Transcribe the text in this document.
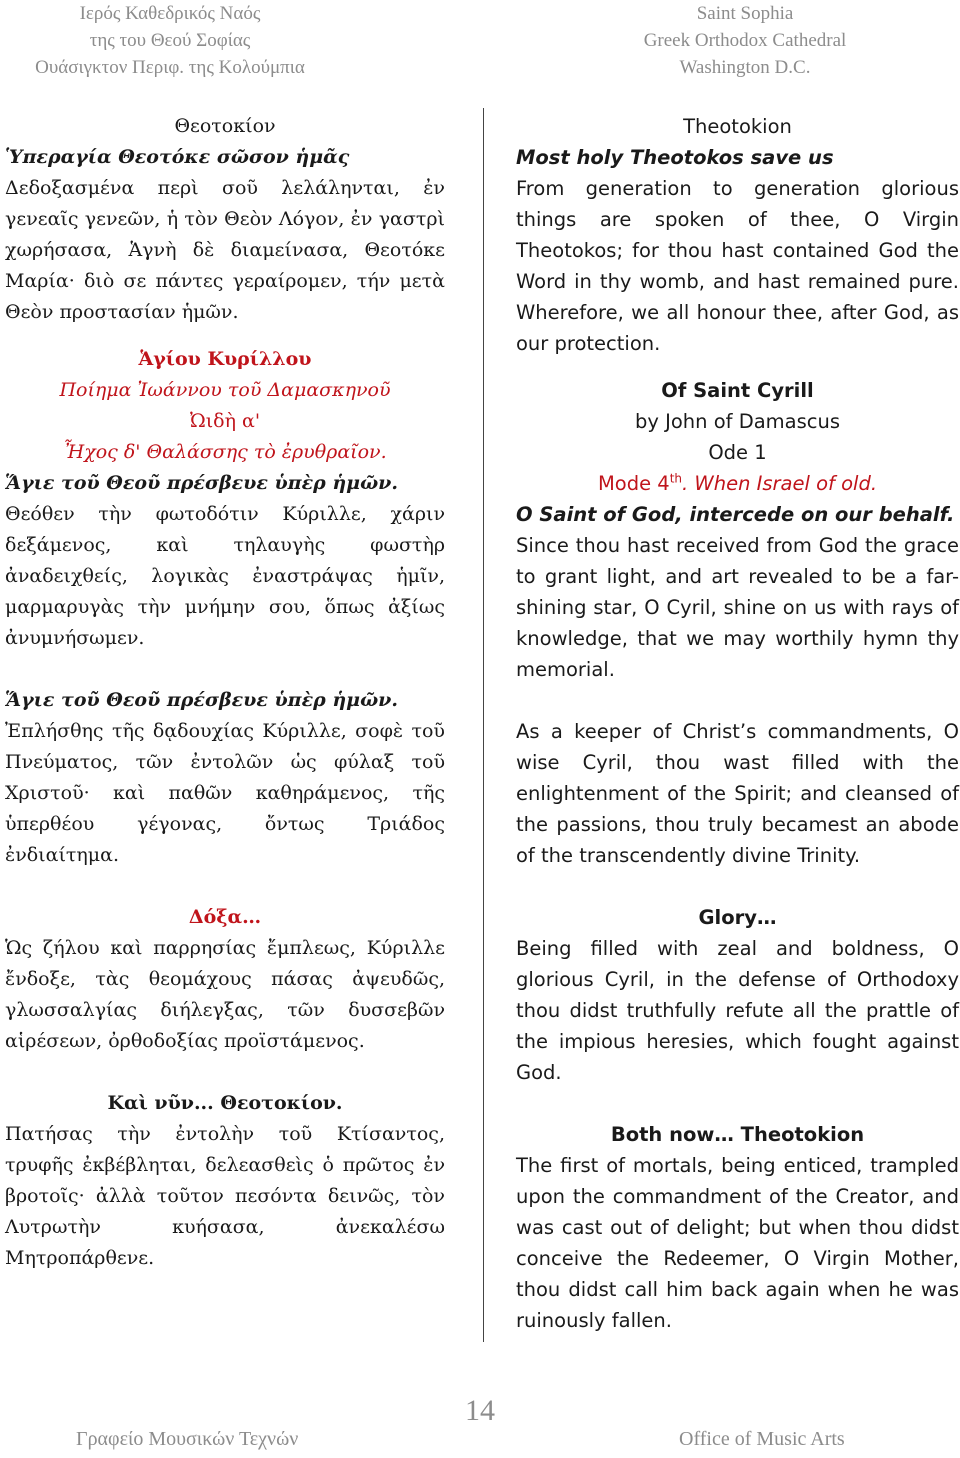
Ιερός Καθεδρικός Ναός
της του Θεού Σοφίας
Ουάσιγκτον Περιφ. της Κολούμπια
Saint Sophia
Greek Orthodox Cathedral
Washington D.C.
Θεοτοκίον
Ὑπεραγία Θεοτόκε σῶσον ἡμᾶς
Δεδοξασμένα περὶ σοῦ λελάληνται, ἐν γενεαῖς γενεῶν, ἡ τὸν Θεὸν Λόγον, ἐν γαστρὶ χωρήσασα, Ἁγνὴ δὲ διαμείνασα, Θεοτόκε Μαρία· διὸ σε πάντες γεραίρομεν, τήν μετὰ Θεὸν προστασίαν ἡμῶν.
Ἁγίου Κυρίλλου
Ποίημα Ἰωάννου τοῦ Δαμασκηνοῦ
Ὠιδὴ α'
Ἦχος δ' Θαλάσσης τὸ ἐρυθραῖον.
Ἅγιε τοῦ Θεοῦ πρέσβευε ὑπὲρ ἡμῶν.
Θεόθεν τὴν φωτοδότιν Κύριλλε, χάριν δεξάμενος, καὶ τηλαυγὴς φωστὴρ ἀναδειχθείς, λογικὰς ἐναστράψας ἡμῖν, μαρμαρυγὰς τὴν μνήμην σου, ὅπως ἀξίως ἀνυμνήσωμεν.
Ἅγιε τοῦ Θεοῦ πρέσβευε ὑπὲρ ἡμῶν.
Ἐπλήσθης τῆς δᾳδουχίας Κύριλλε, σοφὲ τοῦ Πνεύματος, τῶν ἐντολῶν ὡς φύλαξ τοῦ Χριστοῦ· καὶ παθῶν καθηράμενος, τῆς ὑπερθέου γέγονας, ὄντως Τριάδος ἐνδιαίτημα.
Δόξα…
Ὡς ζήλου καὶ παρρησίας ἔμπλεως, Κύριλλε ἔνδοξε, τὰς θεομάχους πάσας ἀψευδῶς, γλωσσαλγίας διήλεγξας, τῶν δυσσεβῶν αἱρέσεων, ὀρθοδοξίας προϊστάμενος.
Καὶ νῦν... Θεοτοκίον.
Πατήσας τὴν ἐντολὴν τοῦ Κτίσαντος, τρυφῆς ἐκβέβληται, δελεασθεὶς ὁ πρῶτος ἐν βροτοῖς· ἀλλὰ τοῦτον πεσόντα δεινῶς, τὸν Λυτρωτὴν κυήσασα, ἀνεκαλέσω Μητροπάρθενε.
Theotokion
Most holy Theotokos save us
From generation to generation glorious things are spoken of thee, O Virgin Theotokos; for thou hast contained God the Word in thy womb, and hast remained pure. Wherefore, we all honour thee, after God, as our protection.
Of Saint Cyrill
by John of Damascus
Ode 1
Mode 4th. When Israel of old.
O Saint of God, intercede on our behalf.
Since thou hast received from God the grace to grant light, and art revealed to be a far-shining star, O Cyril, shine on us with rays of knowledge, that we may worthily hymn thy memorial.
As a keeper of Christ’s commandments, O wise Cyril, thou wast filled with the enlightenment of the Spirit; and cleansed of the passions, thou truly becamest an abode of the transcendently divine Trinity.
Glory…
Being filled with zeal and boldness, O glorious Cyril, in the defense of Orthodoxy thou didst truthfully refute all the prattle of the impious heresies, which fought against God.
Both now… Theotokion
The first of mortals, being enticed, trampled upon the commandment of the Creator, and was cast out of delight; but when thou didst conceive the Redeemer, O Virgin Mother, thou didst call him back again when he was ruinously fallen.
14
Γραφείο Μουσικών Τεχνών	Office of Music Arts
